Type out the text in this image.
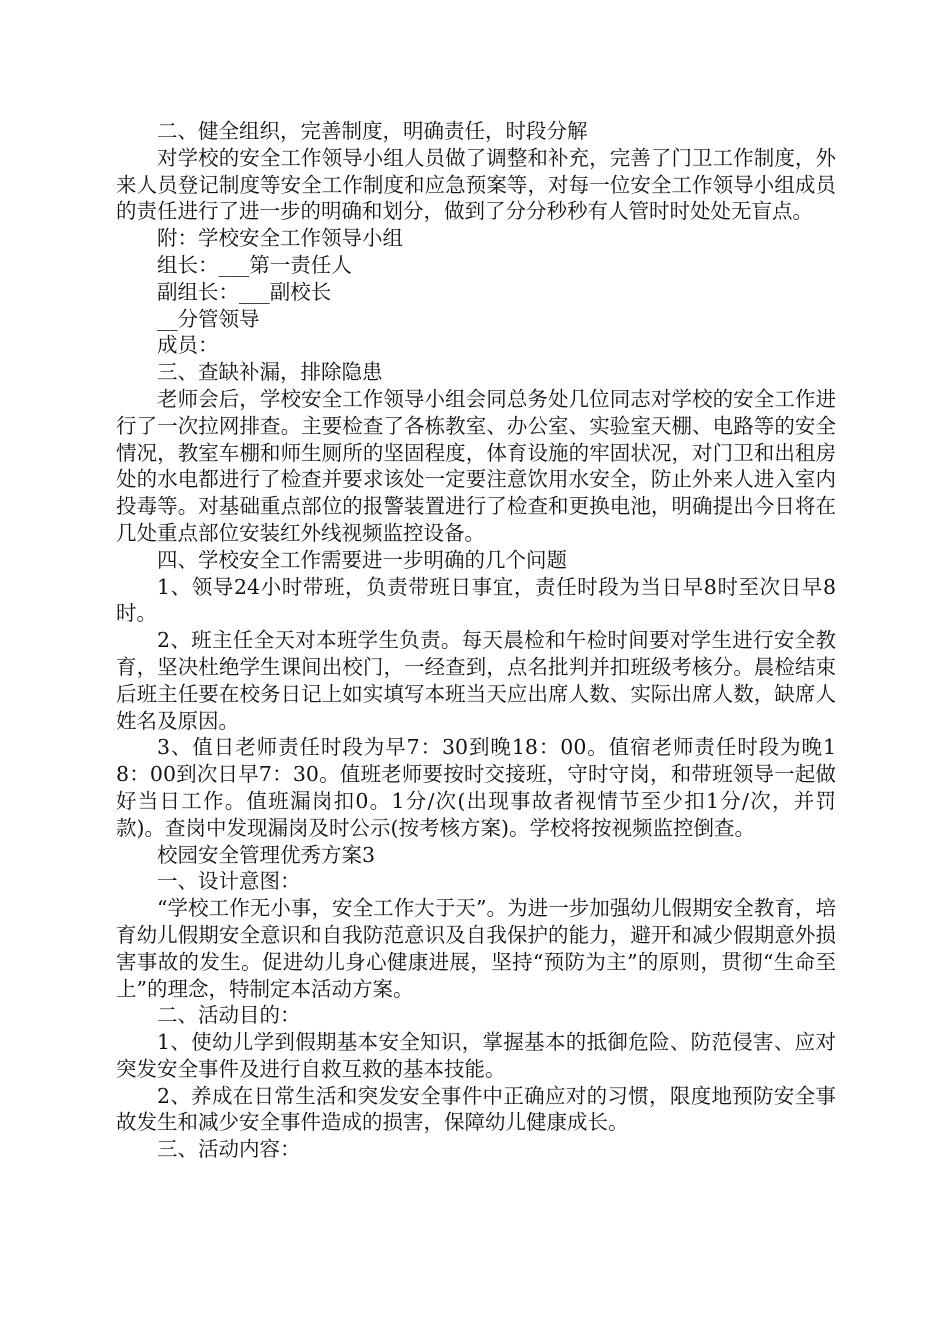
二、健全组织，完善制度，明确责任，时段分解

对学校的安全工作领导小组人员做了调整和补充，完善了门卫工作制度，外来人员登记制度等安全工作制度和应急预案等，对每一位安全工作领导小组成员的责任进行了进一步的明确和划分，做到了分分秒秒有人管时时处处无盲点。

附：学校安全工作领导小组

组长：___第一责任人

副组长：___副校长

__分管领导

成员：

三、查缺补漏，排除隐患

老师会后，学校安全工作领导小组会同总务处几位同志对学校的安全工作进行了一次拉网排查。主要检查了各栋教室、办公室、实验室天棚、电路等的安全情况，教室车棚和师生厕所的坚固程度，体育设施的牢固状况，对门卫和出租房处的水电都进行了检查并要求该处一定要注意饮用水安全，防止外来人进入室内投毒等。对基础重点部位的报警装置进行了检查和更换电池，明确提出今日将在几处重点部位安装红外线视频监控设备。

四、学校安全工作需要进一步明确的几个问题

1、领导24小时带班，负责带班日事宜，责任时段为当日早8时至次日早8时。

2、班主任全天对本班学生负责。每天晨检和午检时间要对学生进行安全教育，坚决杜绝学生课间出校门，一经查到，点名批判并扣班级考核分。晨检结束后班主任要在校务日记上如实填写本班当天应出席人数、实际出席人数，缺席人姓名及原因。

3、值日老师责任时段为早7：30到晚18：00。值宿老师责任时段为晚18：00到次日早7：30。值班老师要按时交接班，守时守岗，和带班领导一起做好当日工作。值班漏岗扣0。1分/次(出现事故者视情节至少扣1分/次，并罚款)。查岗中发现漏岗及时公示(按考核方案)。学校将按视频监控倒查。

校园安全管理优秀方案3

一、设计意图：

“学校工作无小事，安全工作大于天”。为进一步加强幼儿假期安全教育，培育幼儿假期安全意识和自我防范意识及自我保护的能力，避开和减少假期意外损害事故的发生。促进幼儿身心健康进展，坚持“预防为主”的原则，贯彻“生命至上”的理念，特制定本活动方案。

二、活动目的：

1、使幼儿学到假期基本安全知识，掌握基本的抵御危险、防范侵害、应对突发安全事件及进行自救互救的基本技能。

2、养成在日常生活和突发安全事件中正确应对的习惯，限度地预防安全事故发生和减少安全事件造成的损害，保障幼儿健康成长。

三、活动内容：
